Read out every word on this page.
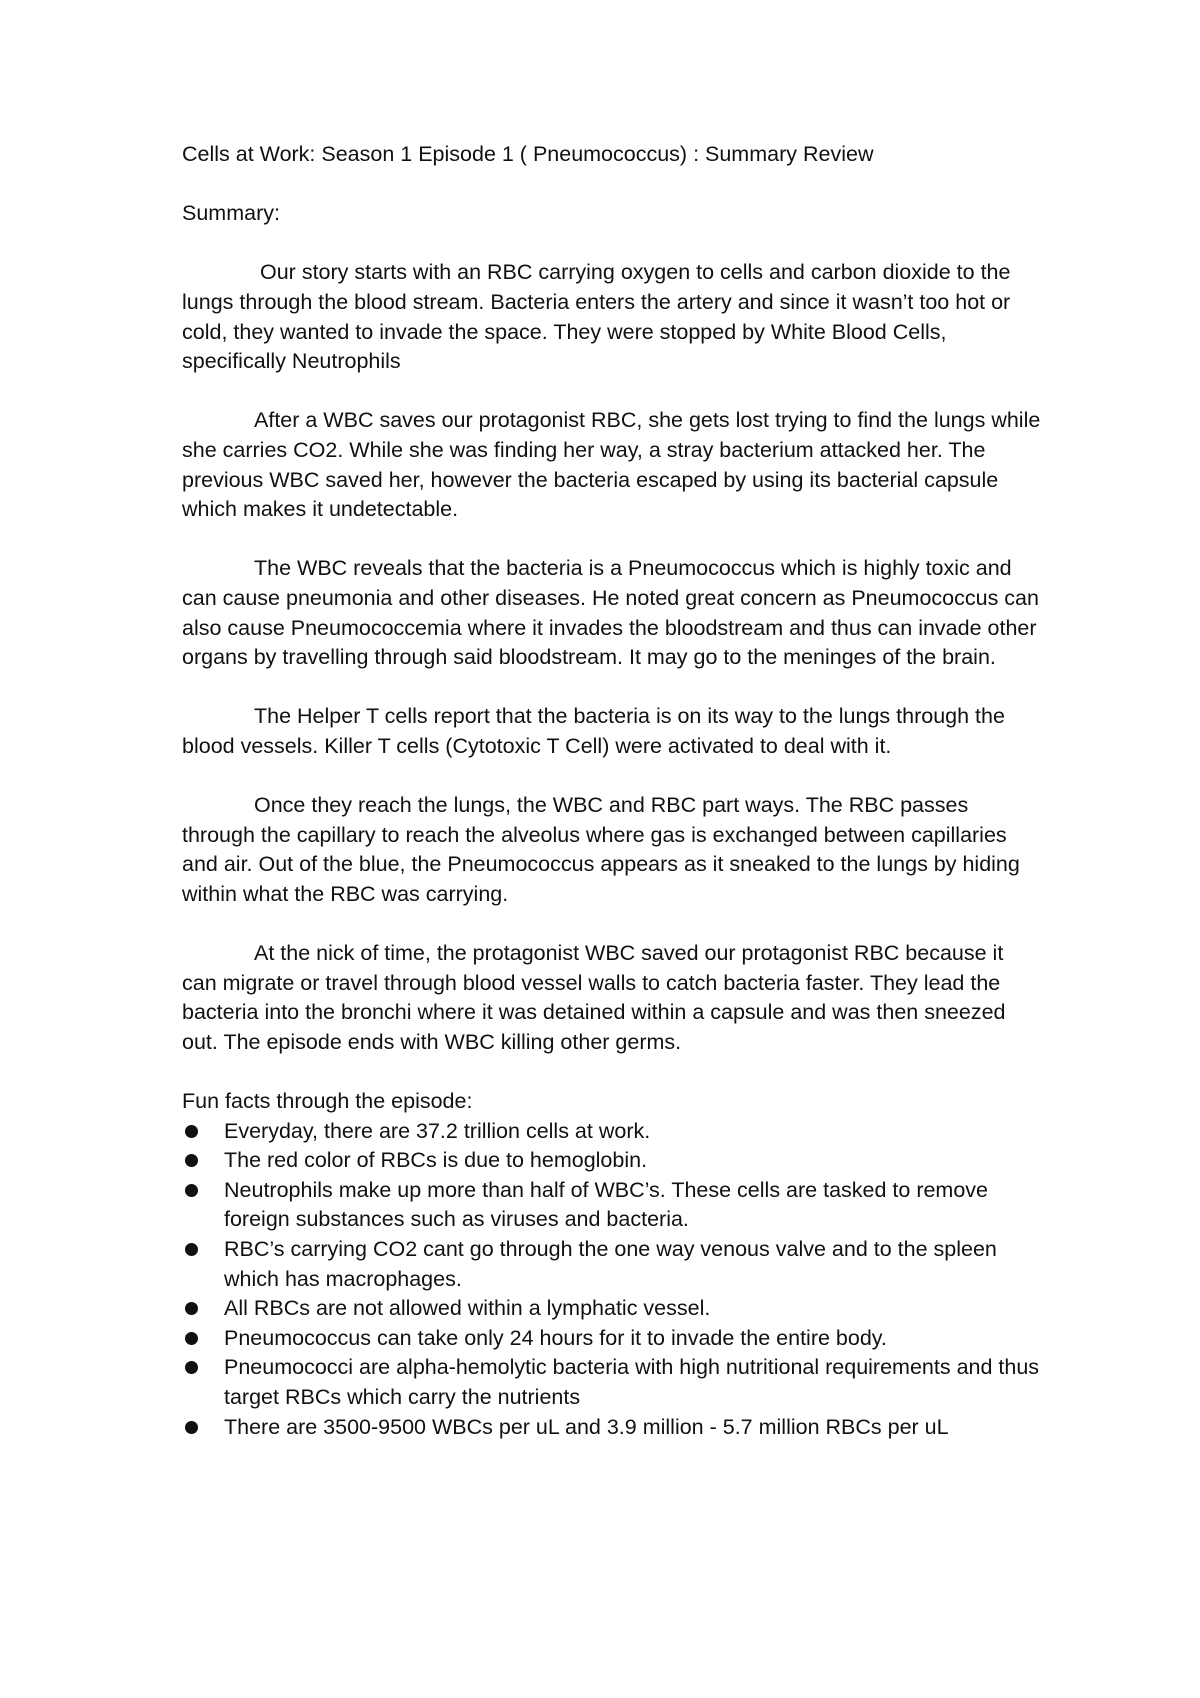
Cells at Work: Season 1 Episode 1 ( Pneumococcus) : Summary Review

Summary:

Our story starts with an RBC carrying oxygen to cells and carbon dioxide to the lungs through the blood stream. Bacteria enters the artery and since it wasn’t too hot or cold, they wanted to invade the space. They were stopped by White Blood Cells, specifically Neutrophils

After a WBC saves our protagonist RBC, she gets lost trying to find the lungs while she carries CO2. While she was finding her way, a stray bacterium attacked her. The previous WBC saved her, however the bacteria escaped by using its bacterial capsule which makes it undetectable.

The WBC reveals that the bacteria is a Pneumococcus which is highly toxic and can cause pneumonia and other diseases. He noted great concern as Pneumococcus can also cause Pneumococcemia where it invades the bloodstream and thus can invade other organs by travelling through said bloodstream. It may go to the meninges of the brain.

The Helper T cells report that the bacteria is on its way to the lungs through the blood vessels. Killer T cells (Cytotoxic T Cell) were activated to deal with it.

Once they reach the lungs, the WBC and RBC part ways. The RBC passes through the capillary to reach the alveolus where gas is exchanged between capillaries and air. Out of the blue, the Pneumococcus appears as it sneaked to the lungs by hiding within what the RBC was carrying.

At the nick of time, the protagonist WBC saved our protagonist RBC because it can migrate or travel through blood vessel walls to catch bacteria faster. They lead the bacteria into the bronchi where it was detained within a capsule and was then sneezed out. The episode ends with WBC killing other germs.

Fun facts through the episode:

Everyday, there are 37.2 trillion cells at work.
The red color of RBCs is due to hemoglobin.
Neutrophils make up more than half of WBC’s. These cells are tasked to remove foreign substances such as viruses and bacteria.
RBC’s carrying CO2 cant go through the one way venous valve and to the spleen which has macrophages.
All RBCs are not allowed within a lymphatic vessel.
Pneumococcus can take only 24 hours for it to invade the entire body.
Pneumococci are alpha-hemolytic bacteria with high nutritional requirements and thus target RBCs which carry the nutrients
There are 3500-9500 WBCs per uL and 3.9 million - 5.7 million RBCs per uL
